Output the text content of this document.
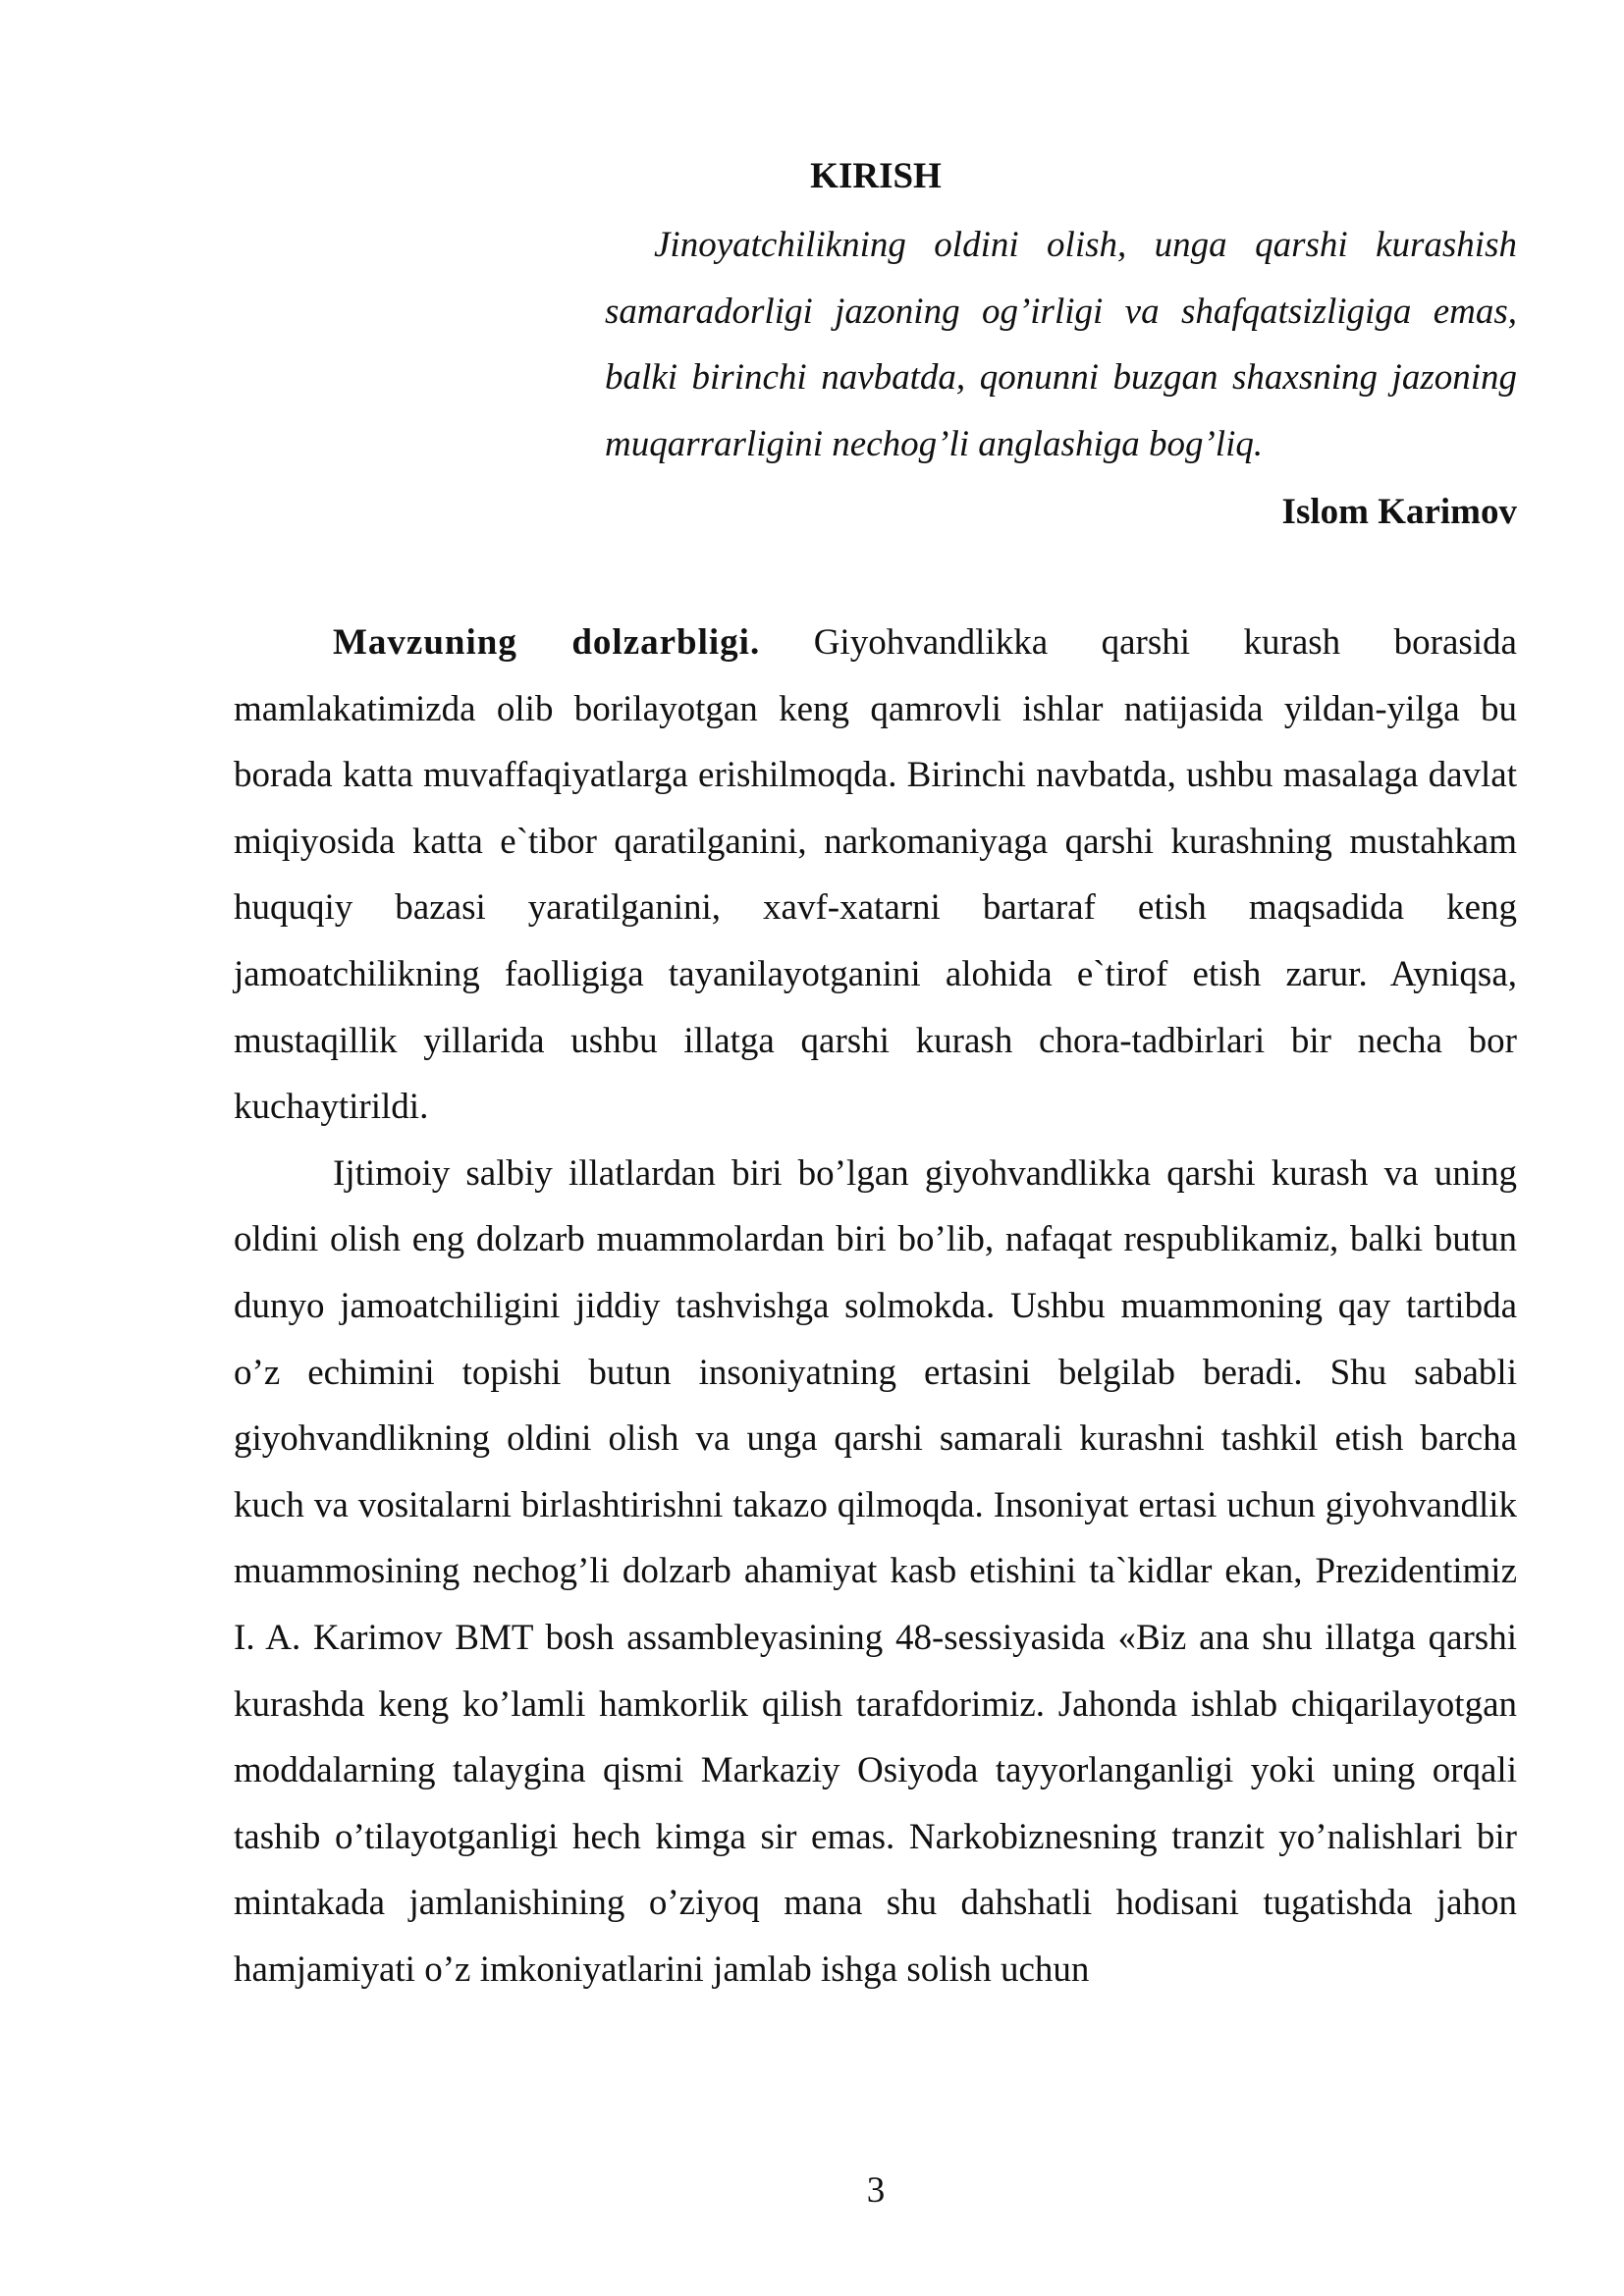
KIRISH
Jinoyatchilikning oldini olish, unga qarshi kurashish samaradorligi jazoning og’irligi va shafqatsizligiga emas, balki birinchi navbatda, qonunni buzgan shaxsning jazoning muqarrarligini nechog’li anglashiga bog’liq.
Islom Karimov

Mavzuning dolzarbligi. Giyohvandlikka qarshi kurash borasida mamlakatimizda olib borilayotgan keng qamrovli ishlar natijasida yildan-yilga bu borada katta muvaffaqiyatlarga erishilmoqda. Birinchi navbatda, ushbu masalaga davlat miqiyosida katta e`tibor qaratilganini, narkomaniyaga qarshi kurashning mustahkam huquqiy bazasi yaratilganini, xavf-xatarni bartaraf etish maqsadida keng jamoatchilikning faolligiga tayanilayotganini alohida e`tirof etish zarur. Ayniqsa, mustaqillik yillarida ushbu illatga qarshi kurash chora-tadbirlari bir necha bor kuchaytirildi.

Ijtimoiy salbiy illatlardan biri bo’lgan giyohvandlikka qarshi kurash va uning oldini olish eng dolzarb muammolardan biri bo’lib, nafaqat respublikamiz, balki butun dunyo jamoatchiligini jiddiy tashvishga solmokda. Ushbu muammoning qay tartibda o’z echimini topishi butun insoniyatning ertasini belgilab beradi. Shu sababli giyohvandlikning oldini olish va unga qarshi samarali kurashni tashkil etish barcha kuch va vositalarni birlashtirishni takazo qilmoqda. Insoniyat ertasi uchun giyohvandlik muammosining nechog’li dolzarb ahamiyat kasb etishini ta`kidlar ekan, Prezidentimiz I. A. Karimov BMT bosh assambleyasining 48-sessiyasida «Biz ana shu illatga qarshi kurashda keng ko’lamli hamkorlik qilish tarafdorimiz. Jahonda ishlab chiqarilayotgan moddalarning talaygina qismi Markaziy Osiyoda tayyorlanganligi yoki uning orqali tashib o’tilayotganligi hech kimga sir emas. Narkobiznesning tranzit yo’nalishlari bir mintakada jamlanishining o’ziyoq mana shu dahshatli hodisani tugatishda jahon hamjamiyati o’z imkoniyatlarini jamlab ishga solish uchun

3
